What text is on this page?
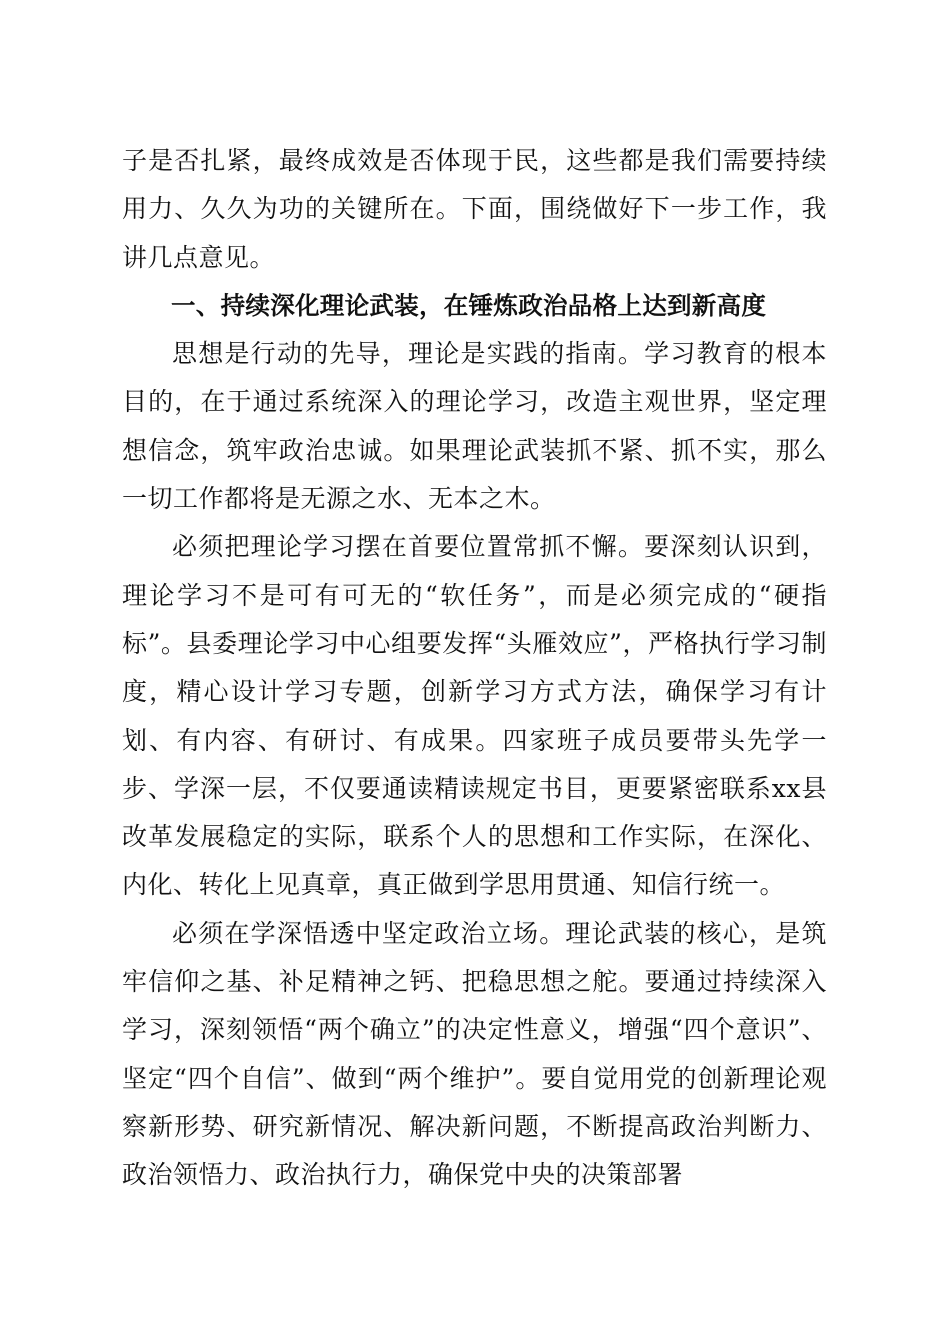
子是否扎紧，最终成效是否体现于民，这些都是我们需要持续用力、久久为功的关键所在。下面，围绕做好下一步工作，我讲几点意见。

一、持续深化理论武装，在锤炼政治品格上达到新高度

思想是行动的先导，理论是实践的指南。学习教育的根本目的，在于通过系统深入的理论学习，改造主观世界，坚定理想信念，筑牢政治忠诚。如果理论武装抓不紧、抓不实，那么一切工作都将是无源之水、无本之木。

必须把理论学习摆在首要位置常抓不懈。要深刻认识到，理论学习不是可有可无的“软任务”，而是必须完成的“硬指标”。县委理论学习中心组要发挥“头雁效应”，严格执行学习制度，精心设计学习专题，创新学习方式方法，确保学习有计划、有内容、有研讨、有成果。四家班子成员要带头先学一步、学深一层，不仅要通读精读规定书目，更要紧密联系xx县改革发展稳定的实际，联系个人的思想和工作实际，在深化、内化、转化上见真章，真正做到学思用贯通、知信行统一。

必须在学深悟透中坚定政治立场。理论武装的核心，是筑牢信仰之基、补足精神之钙、把稳思想之舵。要通过持续深入学习，深刻领悟“两个确立”的决定性意义，增强“四个意识”、坚定“四个自信”、做到“两个维护”。要自觉用党的创新理论观察新形势、研究新情况、解决新问题，不断提高政治判断力、政治领悟力、政治执行力，确保党中央的决策部署
